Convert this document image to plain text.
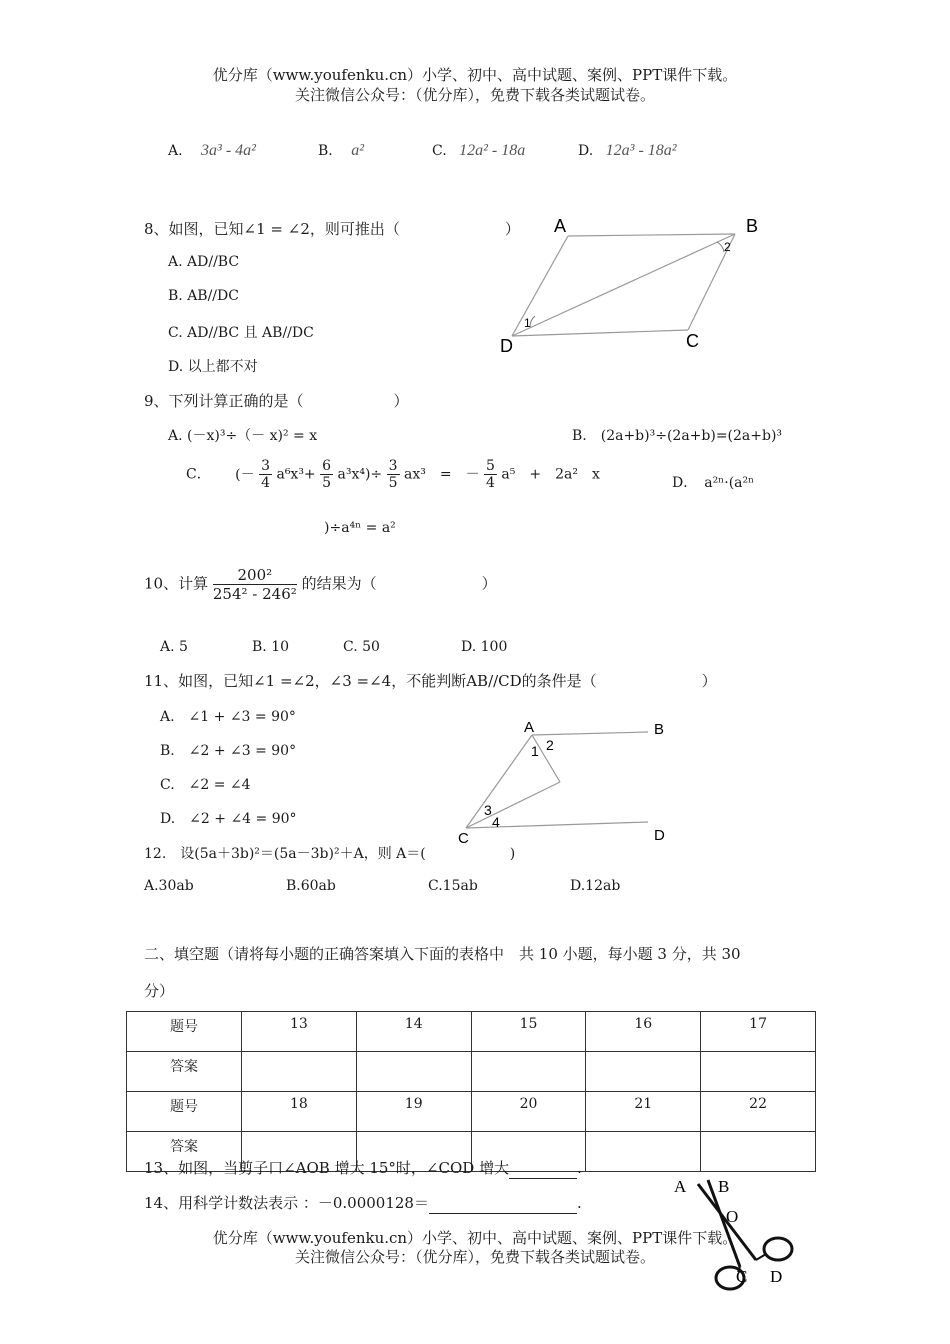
优分库（www.youfenku.cn）小学、初中、高中试题、案例、PPT课件下载。
关注微信公众号：（优分库），免费下载各类试题试卷。
A. 3a³ - 4a²	B. a²	C. 12a² - 18a	D. 12a³ - 18a²
8、如图，已知∠1 = ∠2，则可推出（　　　　　　　）
A. AD//BC
B. AB//DC
C. AD//BC 且 AB//DC
D. 以上都不对
A	B
C
D
1
2
9、下列计算正确的是（　　　　　　）
A. (－x)³÷（－ x)² = x	B.　(2a+b)³÷(2a+b)=(2a+b)³
C． (－ $\frac{3}{4} a^6x^3+ \frac{6}{5} a^3x^4)\div \frac{3}{5} ax^3$　=　－ $\frac{5}{4} a^5$　+　2a²　x
D．　a²ⁿ·(a²ⁿ
)÷a⁴ⁿ = a²
10、计算 $\frac{\text{200²}}{\text{254² - 246²}}$ 的结果为（　　　　　　　）
A. 5	B. 10	C. 50	D. 100
11、如图，已知∠1 =∠2，∠3 =∠4，不能判断AB//CD的条件是（　　　　　　　）
A.　∠1 + ∠3 = 90°
B.　∠2 + ∠3 = 90°
C.　∠2 = ∠4
D.　∠2 + ∠4 = 90°
A	B
C	D
1 2
3
4
12.　设(5a＋3b)²＝(5a－3b)²＋A，则 A＝(　　　　　　)
A.30ab	B.60ab	C.15ab	D.12ab
二、填空题（请将每小题的正确答案填入下面的表格中　共 10 小题，每小题 3 分，共 30
分）
题号	13	14	15	16	17
答案					
题号	18	19	20	21	22
答案					
13、如图，当剪子口∠AOB 增大 15°时，∠COD 增大　　　	.
14、用科学计数法表示 ：－0.0000128＝　　　　　　　　　　	.
A B
O
C D
优分库（www.youfenku.cn）小学、初中、高中试题、案例、PPT课件下载。
关注微信公众号：（优分库），免费下载各类试题试卷。
